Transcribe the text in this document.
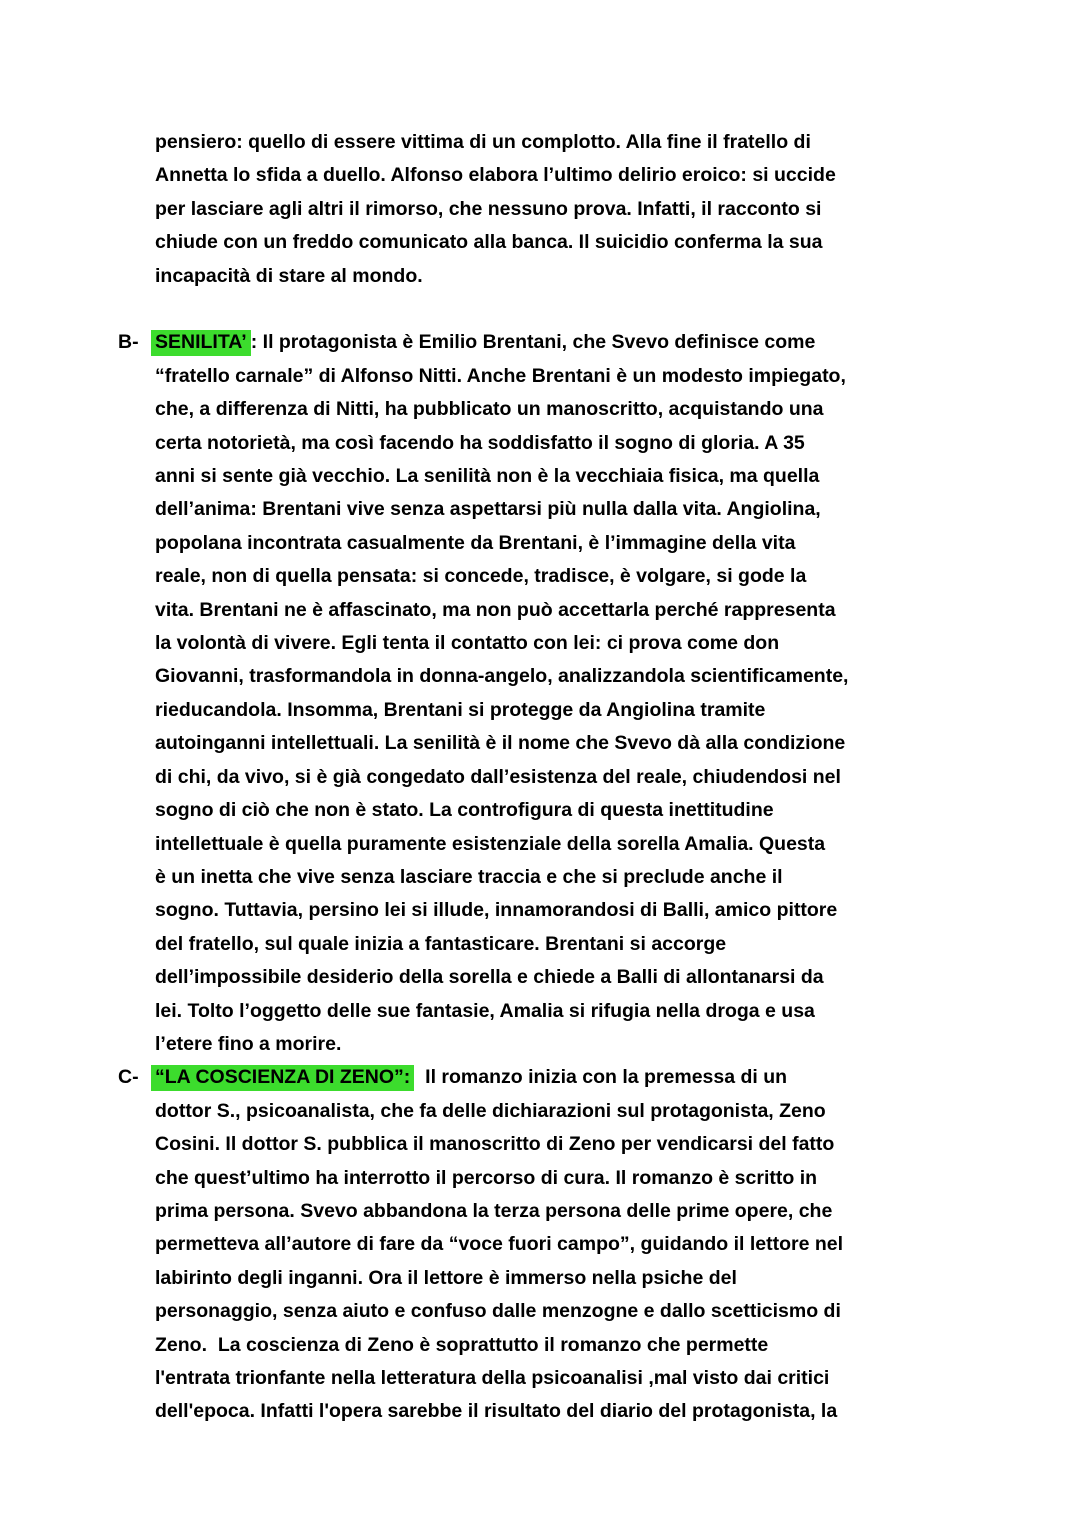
pensiero: quello di essere vittima di un complotto. Alla fine il fratello di
Annetta lo sfida a duello. Alfonso elabora l’ultimo delirio eroico: si uccide
per lasciare agli altri il rimorso, che nessuno prova. Infatti, il racconto si
chiude con un freddo comunicato alla banca. Il suicidio conferma la sua
incapacità di stare al mondo.
B- SENILITA’ : Il protagonista è Emilio Brentani, che Svevo definisce come
“fratello carnale” di Alfonso Nitti. Anche Brentani è un modesto impiegato,
che, a differenza di Nitti, ha pubblicato un manoscritto, acquistando una
certa notorietà, ma così facendo ha soddisfatto il sogno di gloria. A 35
anni si sente già vecchio. La senilità non è la vecchiaia fisica, ma quella
dell’anima: Brentani vive senza aspettarsi più nulla dalla vita. Angiolina,
popolana incontrata casualmente da Brentani, è l’immagine della vita
reale, non di quella pensata: si concede, tradisce, è volgare, si gode la
vita. Brentani ne è affascinato, ma non può accettarla perché rappresenta
la volontà di vivere. Egli tenta il contatto con lei: ci prova come don
Giovanni, trasformandola in donna-angelo, analizzandola scientificamente,
rieducandola. Insomma, Brentani si protegge da Angiolina tramite
autoinganni intellettuali. La senilità è il nome che Svevo dà alla condizione
di chi, da vivo, si è già congedato dall’esistenza del reale, chiudendosi nel
sogno di ciò che non è stato. La controfigura di questa inettitudine
intellettuale è quella puramente esistenziale della sorella Amalia. Questa
è un inetta che vive senza lasciare traccia e che si preclude anche il
sogno. Tuttavia, persino lei si illude, innamorandosi di Balli, amico pittore
del fratello, sul quale inizia a fantasticare. Brentani si accorge
dell’impossibile desiderio della sorella e chiede a Balli di allontanarsi da
lei. Tolto l’oggetto delle sue fantasie, Amalia si rifugia nella droga e usa
l’etere fino a morire.
C- “LA COSCIENZA DI ZENO”:  Il romanzo inizia con la premessa di un
dottor S., psicoanalista, che fa delle dichiarazioni sul protagonista, Zeno
Cosini. Il dottor S. pubblica il manoscritto di Zeno per vendicarsi del fatto
che quest’ultimo ha interrotto il percorso di cura. Il romanzo è scritto in
prima persona. Svevo abbandona la terza persona delle prime opere, che
permetteva all’autore di fare da “voce fuori campo”, guidando il lettore nel
labirinto degli inganni. Ora il lettore è immerso nella psiche del
personaggio, senza aiuto e confuso dalle menzogne e dallo scetticismo di
Zeno.  La coscienza di Zeno è soprattutto il romanzo che permette
l'entrata trionfante nella letteratura della psicoanalisi ,mal visto dai critici
dell'epoca. Infatti l'opera sarebbe il risultato del diario del protagonista, la
